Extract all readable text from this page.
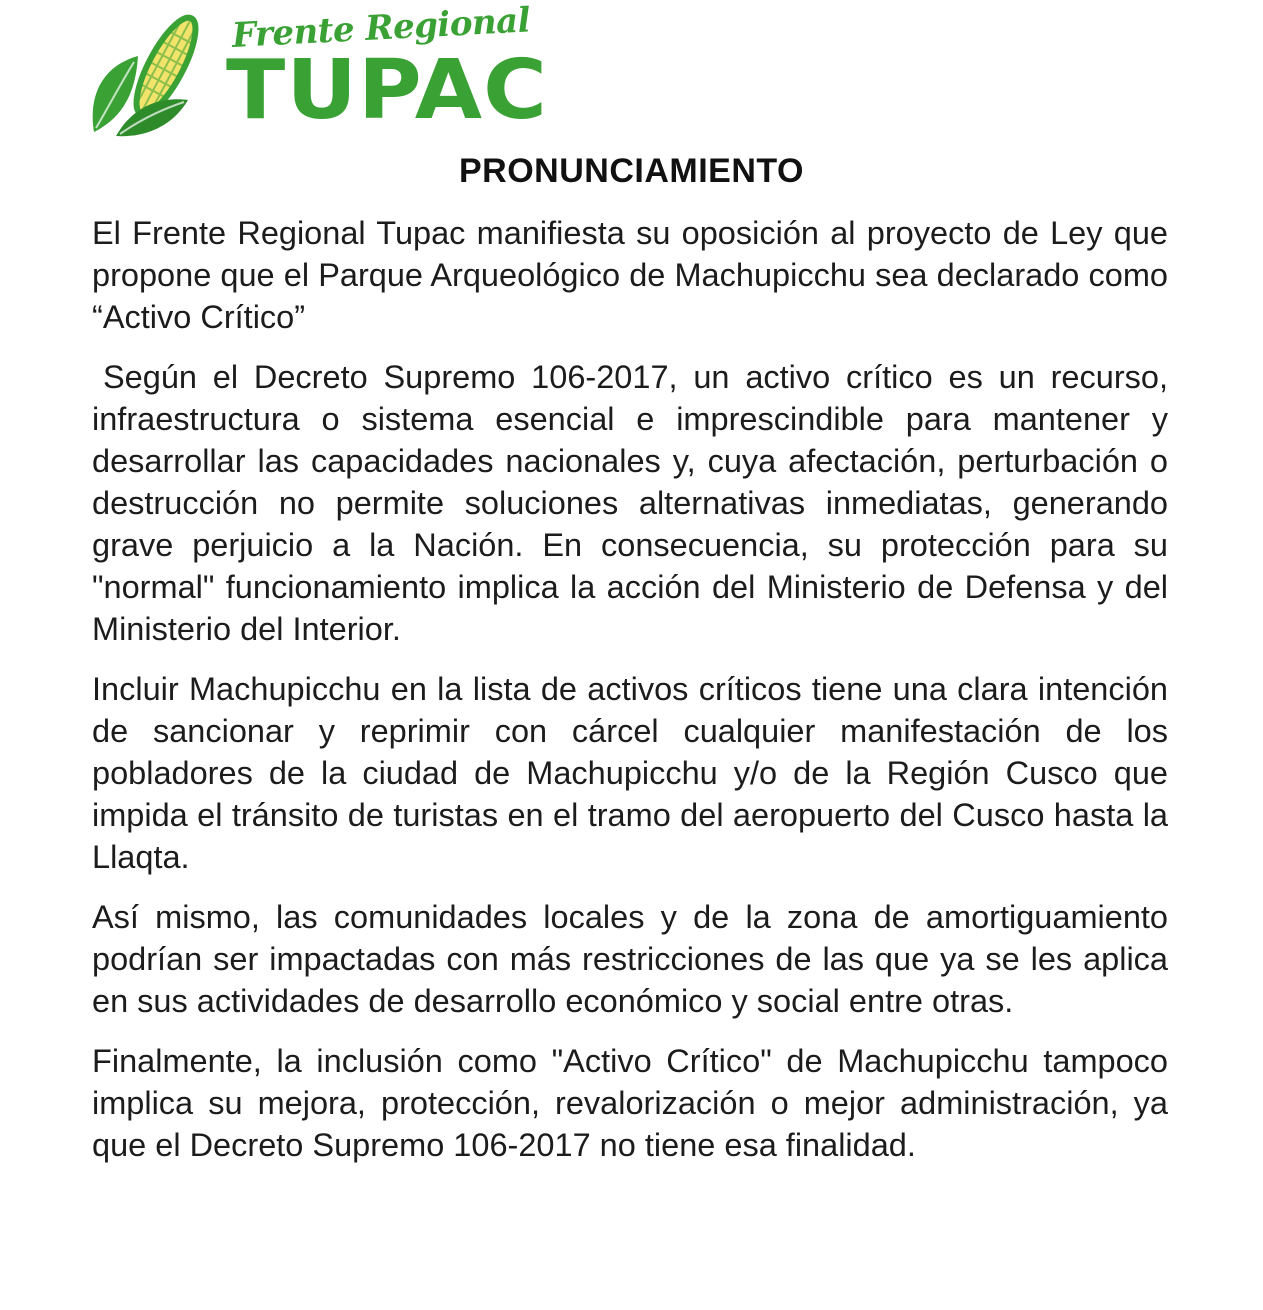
Frente Regional
TUPAC
PRONUNCIAMIENTO

El Frente Regional Tupac manifiesta su oposición al proyecto de Ley que propone que el Parque Arqueológico de Machupicchu sea declarado como “Activo Crítico”

Según el Decreto Supremo 106-2017, un activo crítico es un recurso, infraestructura o sistema esencial e imprescindible para mantener y desarrollar las capacidades nacionales y, cuya afectación, perturbación o destrucción no permite soluciones alternativas inmediatas, generando grave perjuicio a la Nación. En consecuencia, su protección para su "normal" funcionamiento implica la acción del Ministerio de Defensa y del Ministerio del Interior.

Incluir Machupicchu en la lista de activos críticos tiene una clara intención de sancionar y reprimir con cárcel cualquier manifestación de los pobladores de la ciudad de Machupicchu y/o de la Región Cusco que impida el tránsito de turistas en el tramo del aeropuerto del Cusco hasta la Llaqta.

Así mismo, las comunidades locales y de la zona de amortiguamiento podrían ser impactadas con más restricciones de las que ya se les aplica en sus actividades de desarrollo económico y social entre otras.

Finalmente, la inclusión como "Activo Crítico" de Machupicchu tampoco implica su mejora, protección, revalorización o mejor administración, ya que el Decreto Supremo 106-2017 no tiene esa finalidad.
